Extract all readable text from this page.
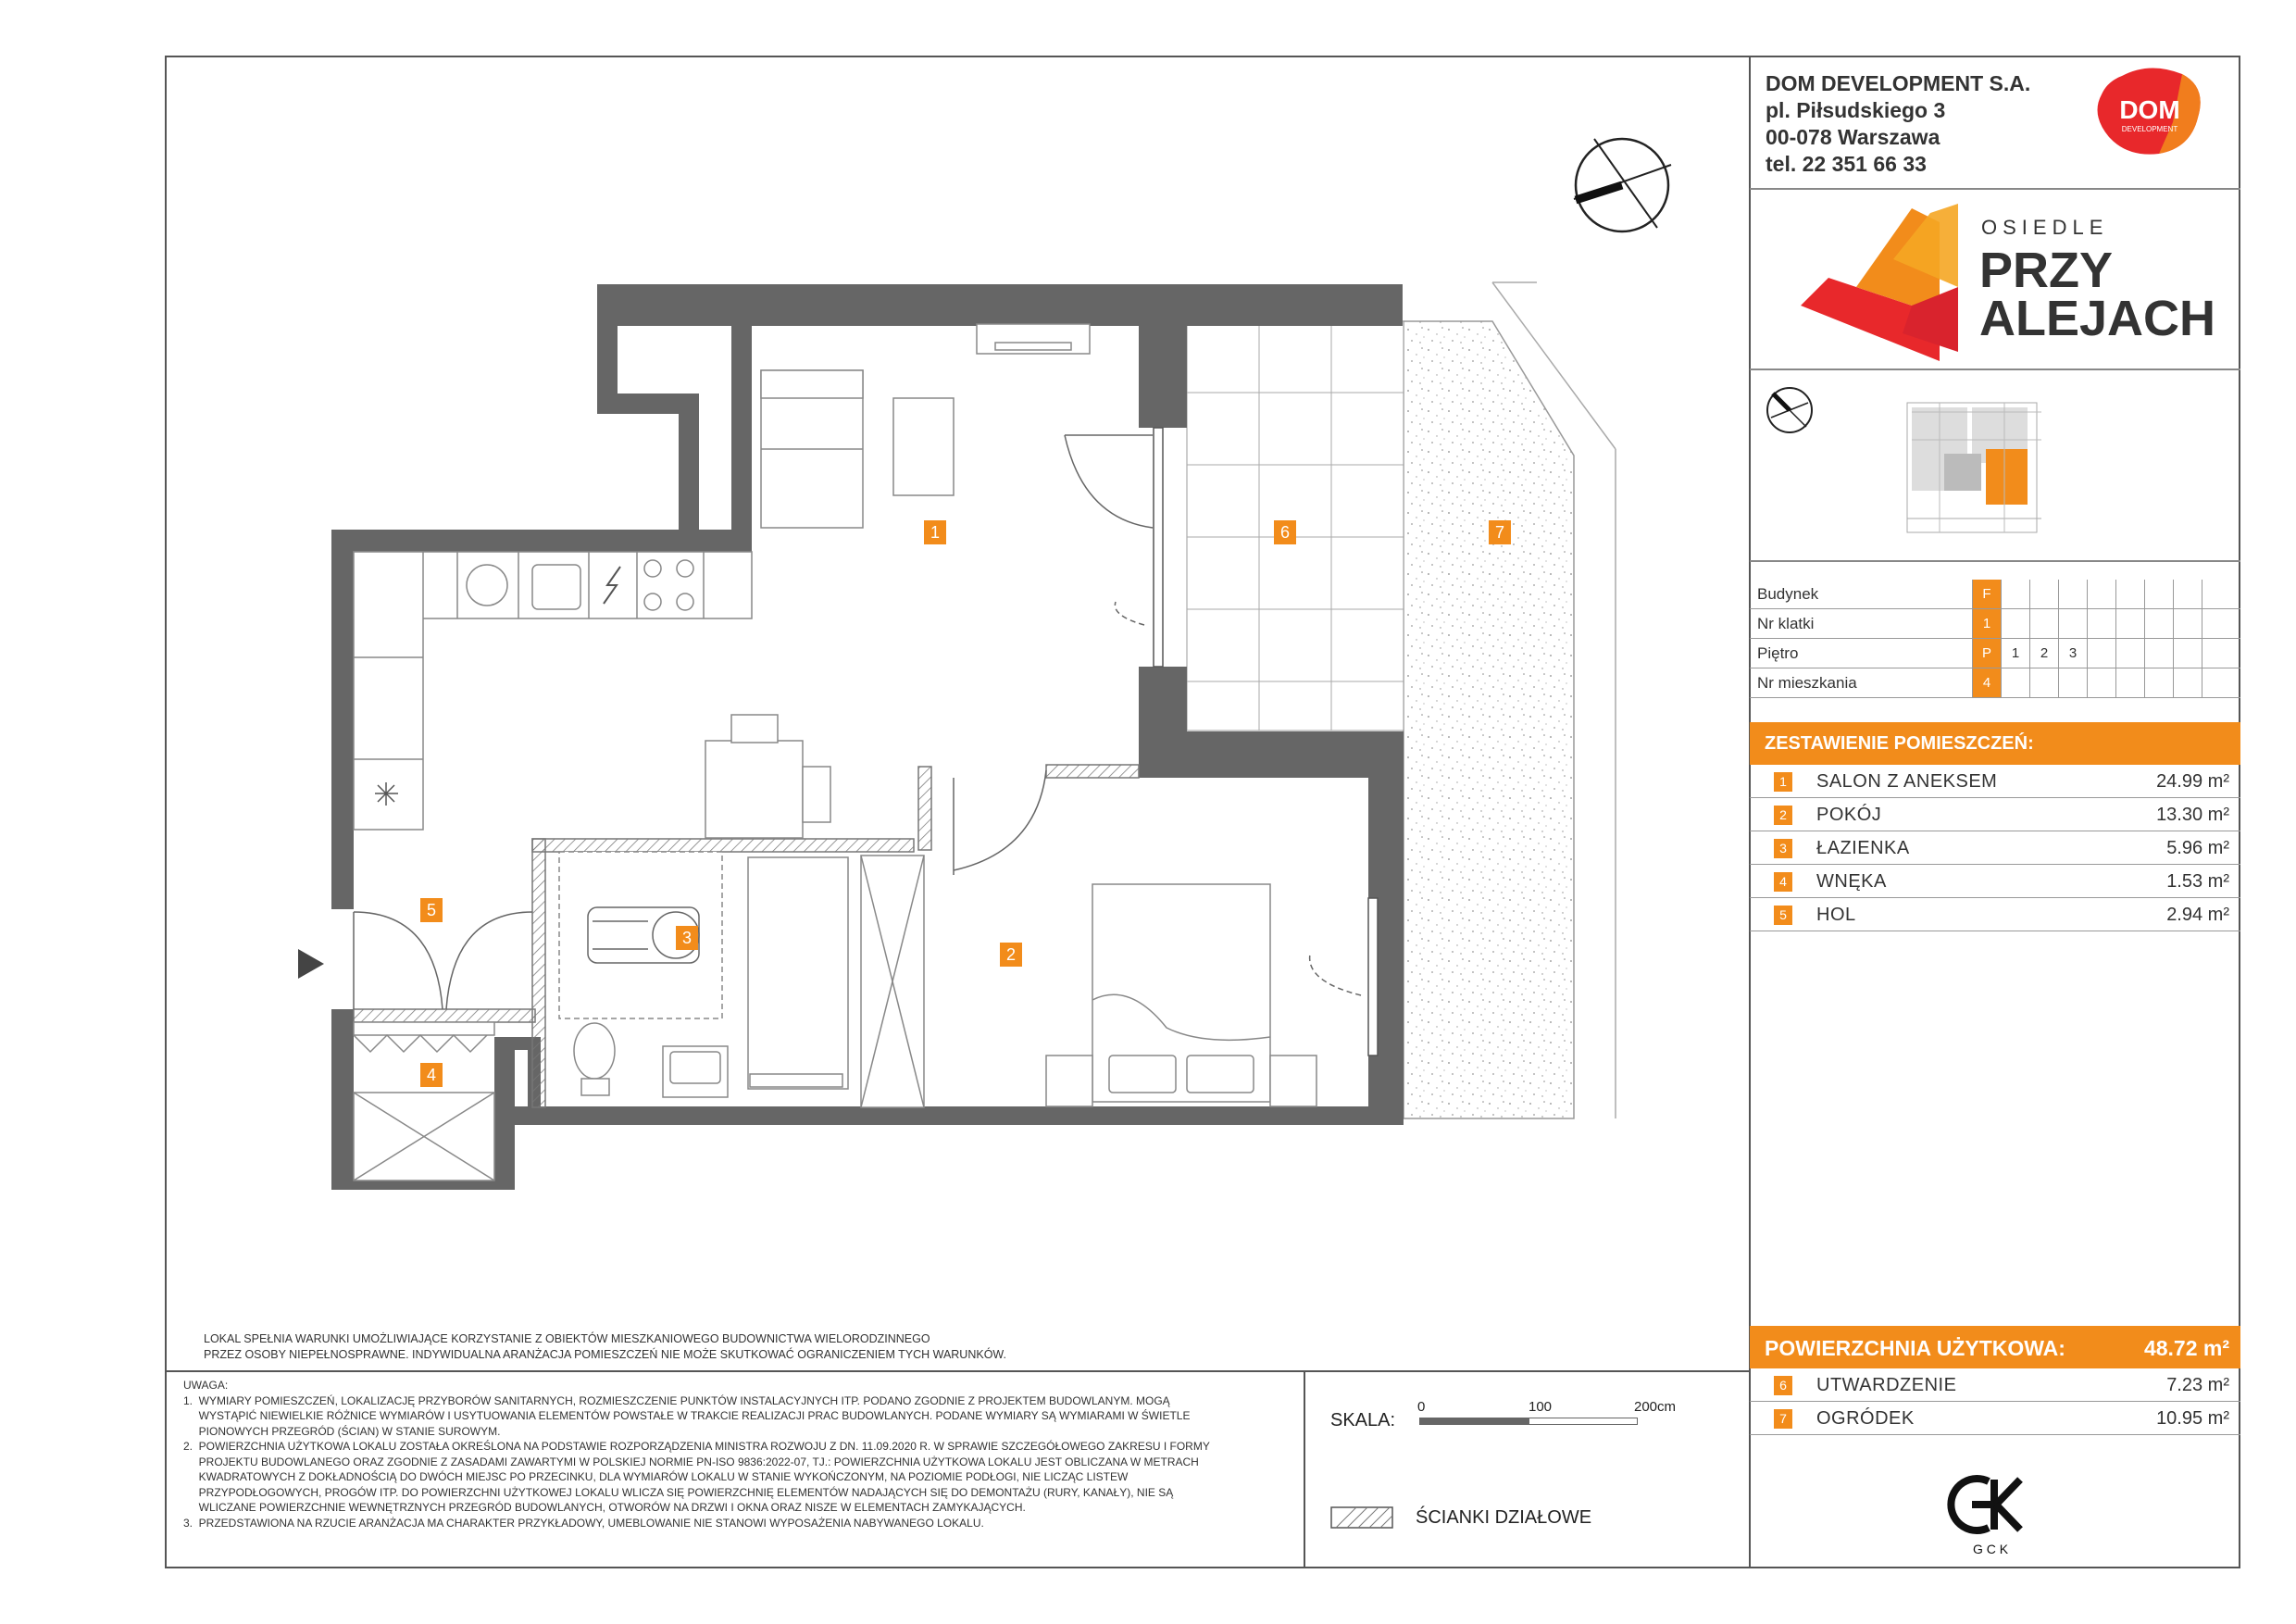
DOM DEVELOPMENT S.A.
pl. Piłsudskiego 3
00-078 Warszawa
tel. 22 351 66 33
DOM
DEVELOPMENT
OSIEDLE
PRZY
ALEJACH
Budynek	F
Nr klatki	1
Piętro	P	1	2	3
Nr mieszkania	4
ZESTAWIENIE POMIESZCZEŃ:
1	SALON Z ANEKSEM	24.99 m²
2	POKÓJ	13.30 m²
3	ŁAZIENKA	5.96 m²
4	WNĘKA	1.53 m²
5	HOL	2.94 m²
POWIERZCHNIA UŻYTKOWA:	48.72 m²
6	UTWARDZENIE	7.23 m²
7	OGRÓDEK	10.95 m²
G C K
LOKAL SPEŁNIA WARUNKI UMOŻLIWIAJĄCE KORZYSTANIE Z OBIEKTÓW MIESZKANIOWEGO BUDOWNICTWA WIELORODZINNEGO
PRZEZ OSOBY NIEPEŁNOSPRAWNE. INDYWIDUALNA ARANŻACJA POMIESZCZEŃ NIE MOŻE SKUTKOWAĆ OGRANICZENIEM TYCH WARUNKÓW.
UWAGA:
1.  WYMIARY POMIESZCZEŃ, LOKALIZACJĘ PRZYBORÓW SANITARNYCH, ROZMIESZCZENIE PUNKTÓW INSTALACYJNYCH ITP. PODANO ZGODNIE Z PROJEKTEM BUDOWLANYM. MOGĄ
WYSTĄPIĆ NIEWIELKIE RÓŻNICE WYMIARÓW I USYTUOWANIA ELEMENTÓW POWSTAŁE W TRAKCIE REALIZACJI PRAC BUDOWLANYCH. PODANE WYMIARY SĄ WYMIARAMI W ŚWIETLE
PIONOWYCH PRZEGRÓD (ŚCIAN) W STANIE SUROWYM.
2.  POWIERZCHNIA UŻYTKOWA LOKALU ZOSTAŁA OKREŚLONA NA PODSTAWIE ROZPORZĄDZENIA MINISTRA ROZWOJU Z DN. 11.09.2020 R. W SPRAWIE SZCZEGÓŁOWEGO ZAKRESU I FORMY
PROJEKTU BUDOWLANEGO ORAZ ZGODNIE Z ZASADAMI ZAWARTYMI W POLSKIEJ NORMIE PN-ISO 9836:2022-07, TJ.: POWIERZCHNIA UŻYTKOWA LOKALU JEST OBLICZANA W METRACH
KWADRATOWYCH Z DOKŁADNOŚCIĄ DO DWÓCH MIEJSC PO PRZECINKU, DLA WYMIARÓW LOKALU W STANIE WYKOŃCZONYM, NA POZIOMIE PODŁOGI, NIE LICZĄC LISTEW
PRZYPODŁOGOWYCH, PROGÓW ITP. DO POWIERZCHNI UŻYTKOWEJ LOKALU WLICZA SIĘ POWIERZCHNIĘ ELEMENTÓW NADAJĄCYCH SIĘ DO DEMONTAŻU (RURY, KANAŁY), NIE SĄ
WLICZANE POWIERZCHNIE WEWNĘTRZNYCH PRZEGRÓD BUDOWLANYCH, OTWORÓW NA DRZWI I OKNA ORAZ NISZE W ELEMENTACH ZAMYKAJĄCYCH.
3.  PRZEDSTAWIONA NA RZUCIE ARANŻACJA MA CHARAKTER PRZYKŁADOWY, UMEBLOWANIE NIE STANOWI WYPOSAŻENIA NABYWANEGO LOKALU.
SKALA:
0	100	200cm
ŚCIANKI DZIAŁOWE
1
2
3
4
5
6	7
